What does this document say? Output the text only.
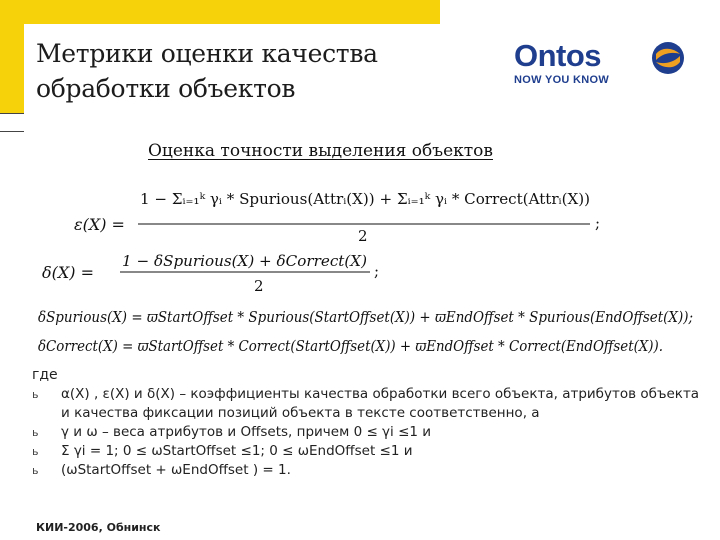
Метрики оценки качества
обработки объектов
Ontos
NOW YOU KNOW
Оценка точности выделения объектов
1 − Σᵢ₌₁ᵏ γᵢ * Spurious(Attrᵢ(X)) + Σᵢ₌₁ᵏ γᵢ * Correct(Attrᵢ(X))
ε(X) =
2
;
1 − δSpurious(X) + δCorrect(X)
δ(X) =
2
;
δSpurious(X) = ϖStartOffset * Spurious(StartOffset(X)) + ϖEndOffset * Spurious(EndOffset(X));
δCorrect(X) = ϖStartOffset * Correct(StartOffset(X)) + ϖEndOffset * Correct(EndOffset(X)).
где
ь α(X) , ε(X) и δ(X) – коэффициенты качества обработки всего объекта, атрибутов объекта и качества фиксации позиций объекта в тексте соответственно, а
ь γ и ω – веса атрибутов и Offsets, причем 0 ≤ γi ≤1 и
ь Σ γi = 1; 0 ≤ ωStartOffset ≤1; 0 ≤ ωEndOffset ≤1 и
ь (ωStartOffset + ωEndOffset ) = 1.
КИИ-2006, Обнинск
